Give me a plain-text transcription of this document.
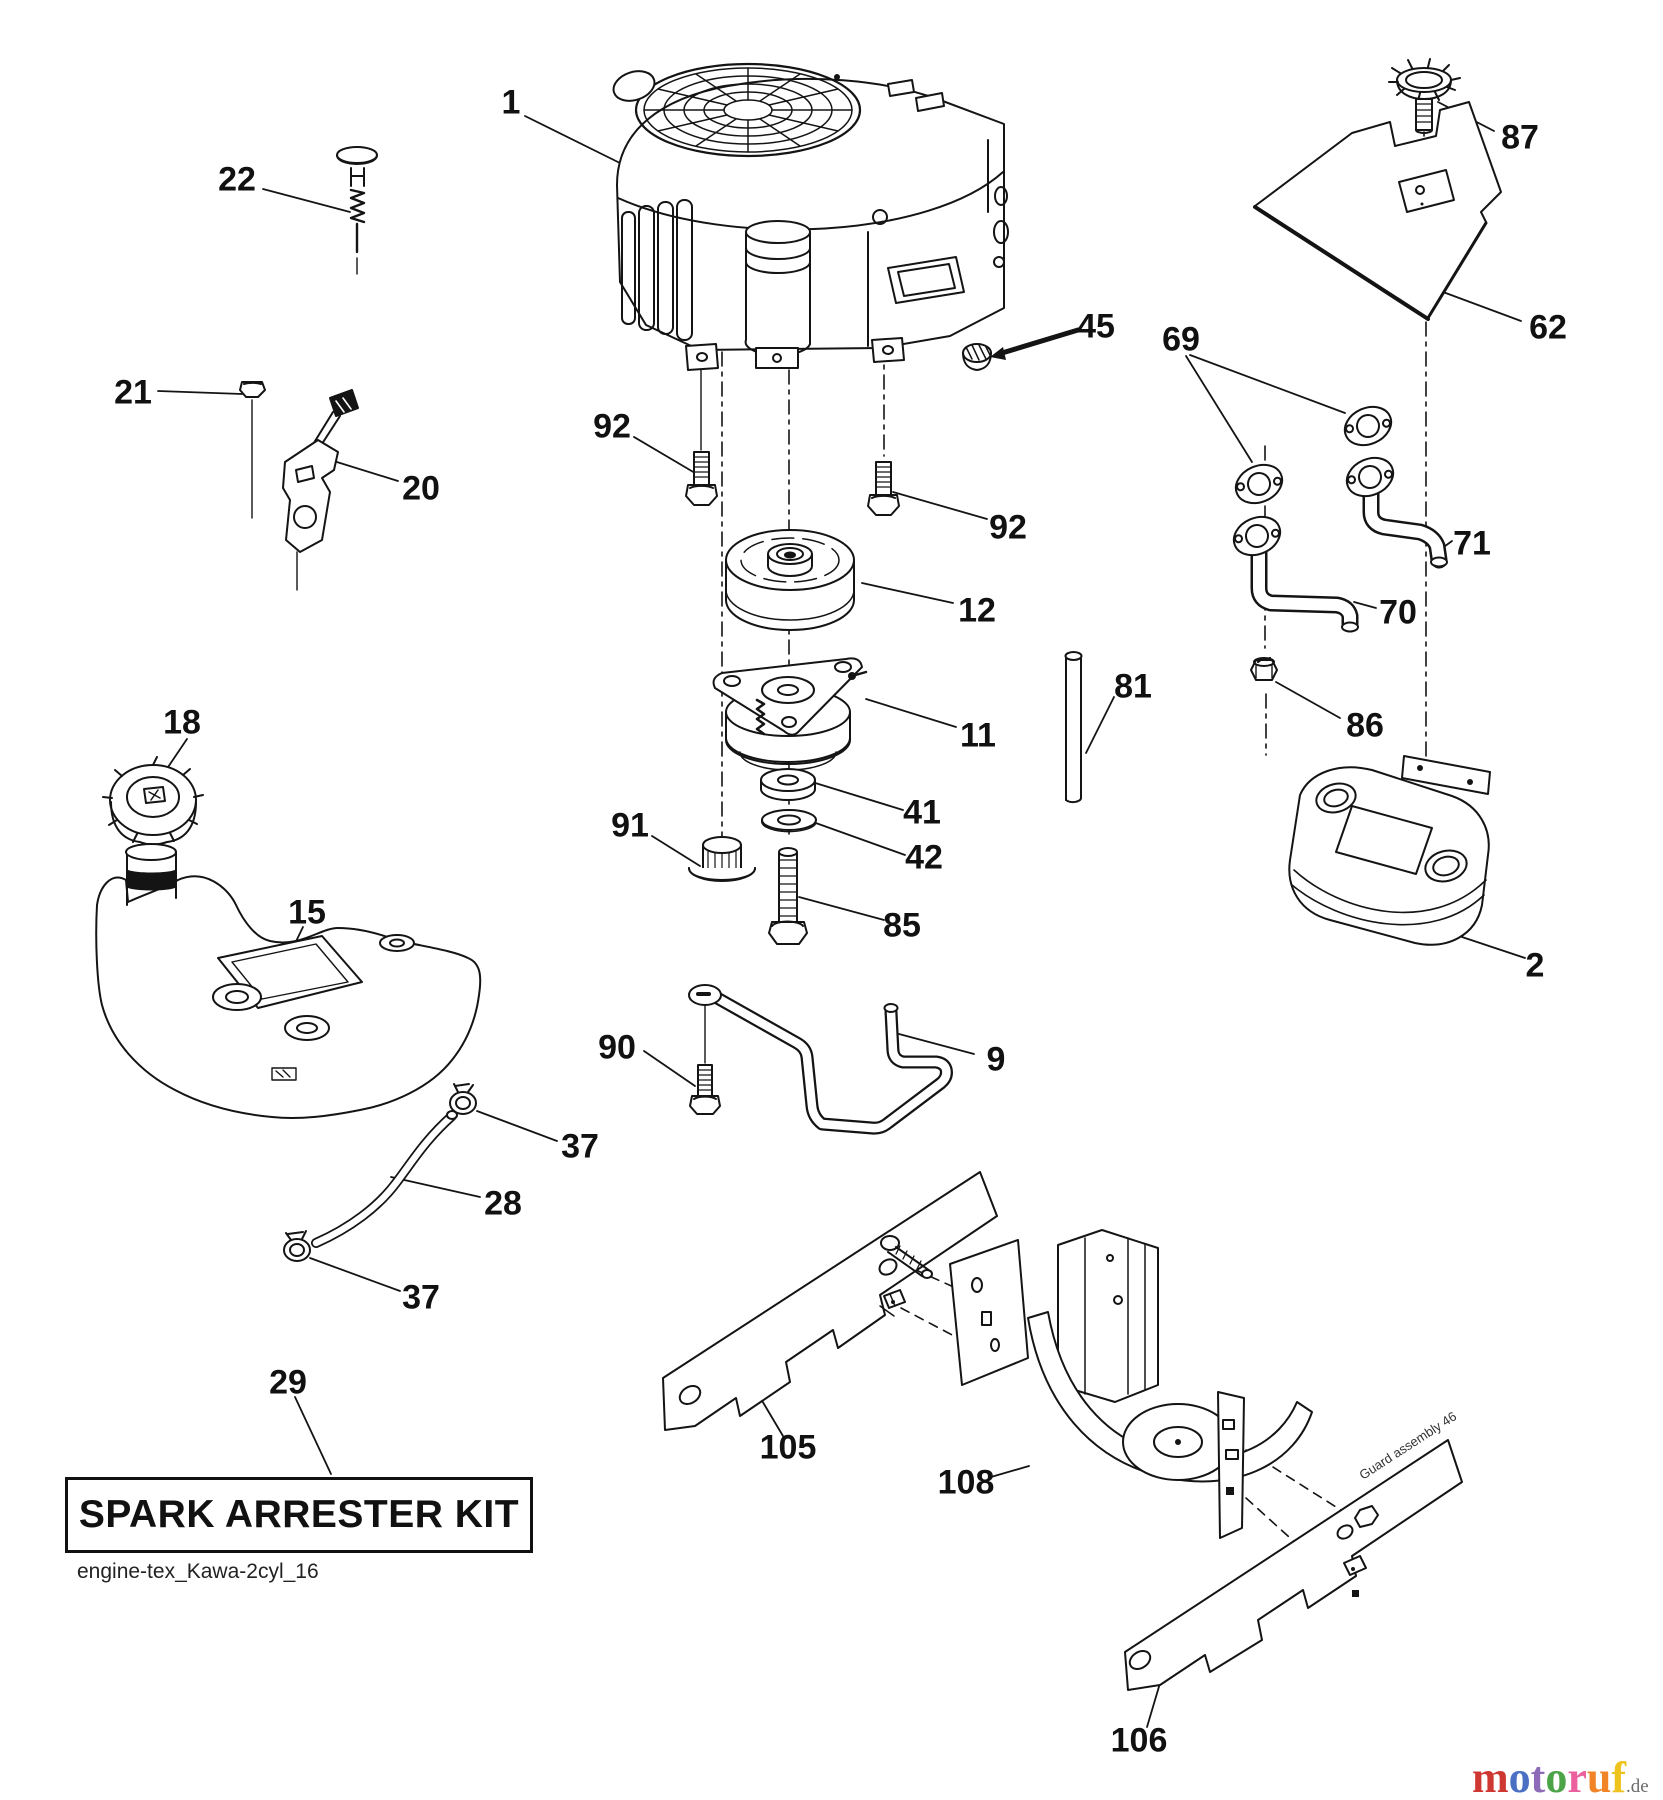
Guard assembly 46
1
22
21
20
92
92
12
11
45
41
42
91
85
18
15
90	9
37
28
37
29
87
62
69
71
70
86
81
2
105
108
106
SPARK ARRESTER KIT
engine-tex_Kawa-2cyl_16
motoruf.de
